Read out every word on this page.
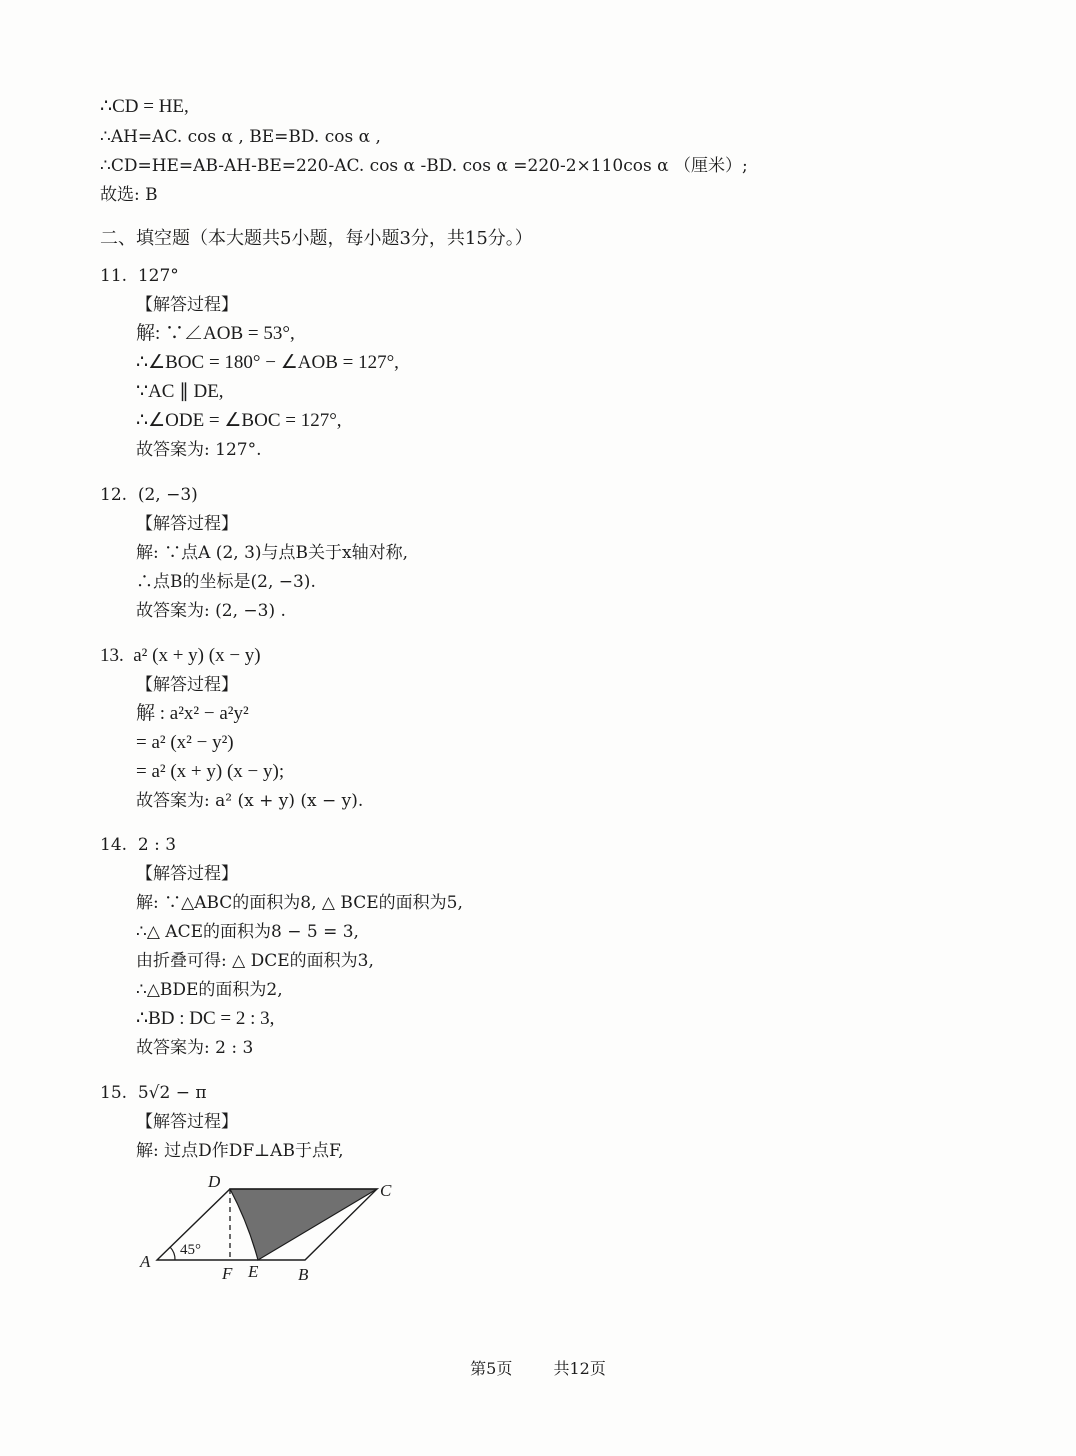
∴CD = HE,
∴AH=AC. cos α , BE=BD. cos α ,
∴CD=HE=AB-AH-BE=220-AC. cos α -BD. cos α =220-2×110cos α （厘米）;
故选: B
二、填空题（本大题共5小题，每小题3分，共15分。）
11.  127°
【解答过程】
解: ∵∠AOB = 53°,
∴∠BOC = 180° − ∠AOB = 127°,
∵AC ∥ DE,
∴∠ODE = ∠BOC = 127°,
故答案为: 127°.
12.  (2, −3)
【解答过程】
解: ∵点A (2, 3)与点B关于x轴对称,
∴点B的坐标是(2, −3).
故答案为: (2, −3) .
13.  a² (x + y) (x − y)
【解答过程】
解 : a²x² − a²y²
= a² (x² − y²)
= a² (x + y) (x − y);
故答案为: a² (x + y) (x − y).
14.  2 : 3
【解答过程】
解: ∵△ABC的面积为8, △ BCE的面积为5,
∴△ ACE的面积为8 − 5 = 3,
由折叠可得: △ DCE的面积为3,
∴△BDE的面积为2,
∴BD : DC = 2 : 3,
故答案为: 2 : 3
15.  5√2 − π
【解答过程】
解: 过点D作DF⊥AB于点F,
45°
A
B
C
D
E
F
第5页	共12页
